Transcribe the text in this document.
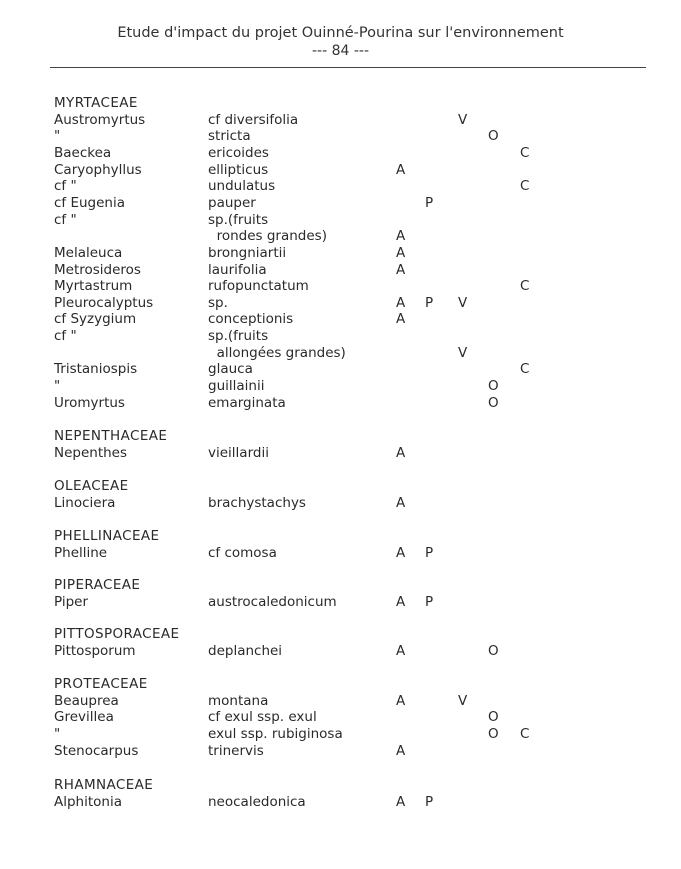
Etude d'impact du projet Ouinné-Pourina sur l'environnement
--- 84 ---
MYRTACEAE
Austromyrtus	cf diversifolia	V
"	stricta	O
Baeckea	ericoides	C
Caryophyllus	ellipticus	A
cf "	undulatus	C
cf Eugenia	pauper	P
cf "	sp.(fruits
rondes grandes)	A
Melaleuca	brongniartii	A
Metrosideros	laurifolia	A
Myrtastrum	rufopunctatum	C
Pleurocalyptus	sp.	A P V
cf Syzygium	conceptionis	A
cf "	sp.(fruits
allongées grandes)	V
Tristaniospis	glauca	C
"	guillainii	O
Uromyrtus	emarginata	O
NEPENTHACEAE
Nepenthes	vieillardii	A
OLEACEAE
Linociera	brachystachys	A
PHELLINACEAE
Phelline	cf comosa	A P
PIPERACEAE
Piper	austrocaledonicum	A P
PITTOSPORACEAE
Pittosporum	deplanchei	A	O
PROTEACEAE
Beauprea	montana	A	V
Grevillea	cf exul ssp. exul	O
"	exul ssp. rubiginosa	O C
Stenocarpus	trinervis	A
RHAMNACEAE
Alphitonia	neocaledonica	A P
